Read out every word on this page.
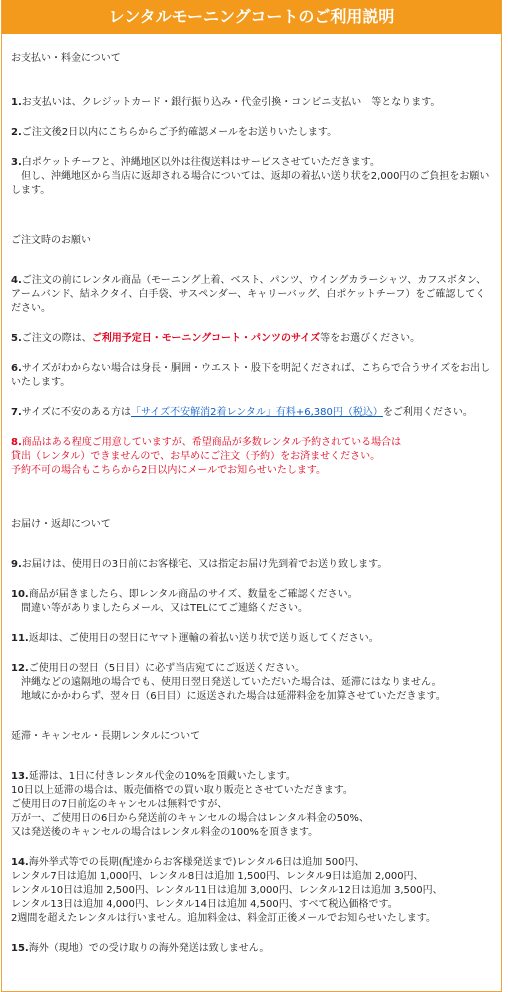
レンタルモーニングコートのご利用説明

お支払い・料金について

1.お支払いは、クレジットカード・銀行振り込み・代金引換・コンビニ支払い　等となります。

2.ご注文後2日以内にこちらからご予約確認メールをお送りいたします。

3.白ポケットチーフと、沖縄地区以外は往復送料はサービスさせていただきます。
　但し、沖縄地区から当店に返却される場合については、返却の着払い送り状を2,000円のご負担をお願いします。

ご注文時のお願い

4.ご注文の前にレンタル商品（モーニング上着、ベスト、パンツ、ウイングカラーシャツ、カフスボタン、アームバンド、結ネクタイ、白手袋、サスペンダー、キャリーバッグ、白ポケットチーフ）をご確認してください。

5.ご注文の際は、ご利用予定日・モーニングコート・パンツのサイズ等をお選びください。

6.サイズがわからない場合は身長・胴囲・ウエスト・股下を明記くだされば、こちらで合うサイズをお出しいたします。

7.サイズに不安のある方は「サイズ不安解消2着レンタル」有料+6,380円（税込）をご利用ください。

8.商品はある程度ご用意していますが、希望商品が多数レンタル予約されている場合は
貸出（レンタル）できませんので、お早めにご注文（予約）をお済ませください。
予約不可の場合もこちらから2日以内にメールでお知らせいたします。

お届け・返却について

9.お届けは、使用日の3日前にお客様宅、又は指定お届け先到着でお送り致します。

10.商品が届きましたら、即レンタル商品のサイズ、数量をご確認ください。
　間違い等がありましたらメール、又はTELにてご連絡ください。

11.返却は、ご使用日の翌日にヤマト運輸の着払い送り状で送り返してください。

12.ご使用日の翌日（5日目）に必ず当店宛てにご返送ください。
　沖縄などの遠隔地の場合でも、使用日翌日発送していただいた場合は、延滞にはなりません。
　地域にかかわらず、翌々日（6日目）に返送された場合は延滞料金を加算させていただきます。

延滞・キャンセル・長期レンタルについて

13.延滞は、1日に付きレンタル代金の10%を頂戴いたします。
10日以上延滞の場合は、販売価格での買い取り販売とさせていただきます。
ご使用日の7日前迄のキャンセルは無料ですが、
万が一、ご使用日の6日から発送前のキャンセルの場合はレンタル料金の50%、
又は発送後のキャンセルの場合はレンタル料金の100%を頂きます。

14.海外挙式等での長期(配達からお客様発送まで)レンタル6日は追加 500円、
レンタル7日は追加 1,000円、レンタル8日は追加 1,500円、レンタル9日は追加 2,000円、
レンタル10日は追加 2,500円、レンタル11日は追加 3,000円、レンタル12日は追加 3,500円、
レンタル13日は追加 4,000円、レンタル14日は追加 4,500円、すべて税込価格です。
2週間を超えたレンタルは行いません。追加料金は、料金訂正後メールでお知らせいたします。

15.海外（現地）での受け取りの海外発送は致しません。
